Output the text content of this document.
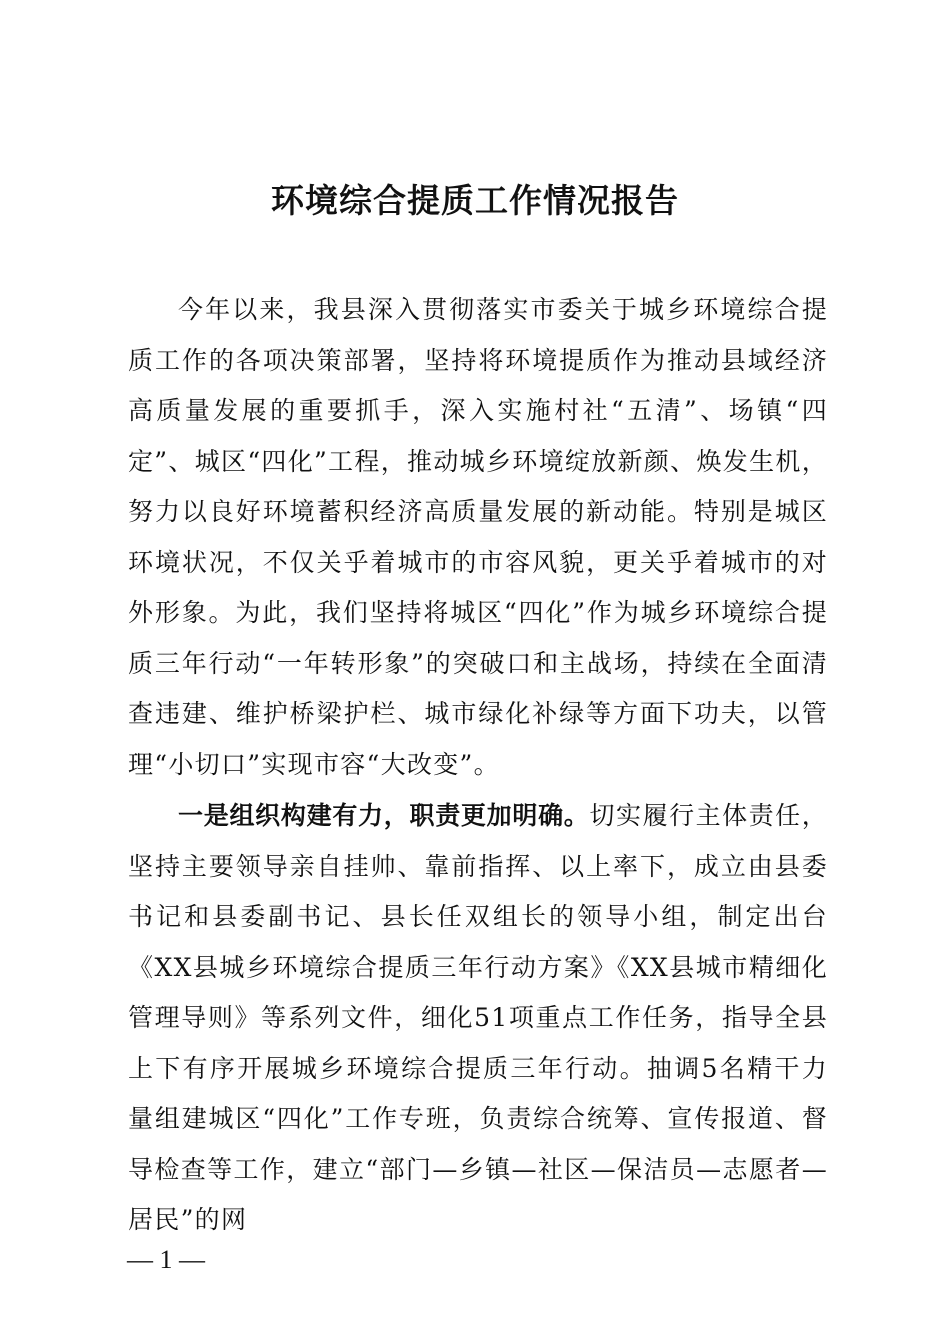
环境综合提质工作情况报告

今年以来，我县深入贯彻落实市委关于城乡环境综合提质工作的各项决策部署，坚持将环境提质作为推动县域经济高质量发展的重要抓手，深入实施村社“五清”、场镇“四定”、城区“四化”工程，推动城乡环境绽放新颜、焕发生机，努力以良好环境蓄积经济高质量发展的新动能。特别是城区环境状况，不仅关乎着城市的市容风貌，更关乎着城市的对外形象。为此，我们坚持将城区“四化”作为城乡环境综合提质三年行动“一年转形象”的突破口和主战场，持续在全面清查违建、维护桥梁护栏、城市绿化补绿等方面下功夫，以管理“小切口”实现市容“大改变”。

一是组织构建有力，职责更加明确。切实履行主体责任，坚持主要领导亲自挂帅、靠前指挥、以上率下，成立由县委书记和县委副书记、县长任双组长的领导小组，制定出台《XX县城乡环境综合提质三年行动方案》《XX县城市精细化管理导则》等系列文件，细化51项重点工作任务，指导全县上下有序开展城乡环境综合提质三年行动。抽调5名精干力量组建城区“四化”工作专班，负责综合统筹、宣传报道、督导检查等工作，建立“部门—乡镇—社区—保洁员—志愿者—居民”的网

— 1 —
